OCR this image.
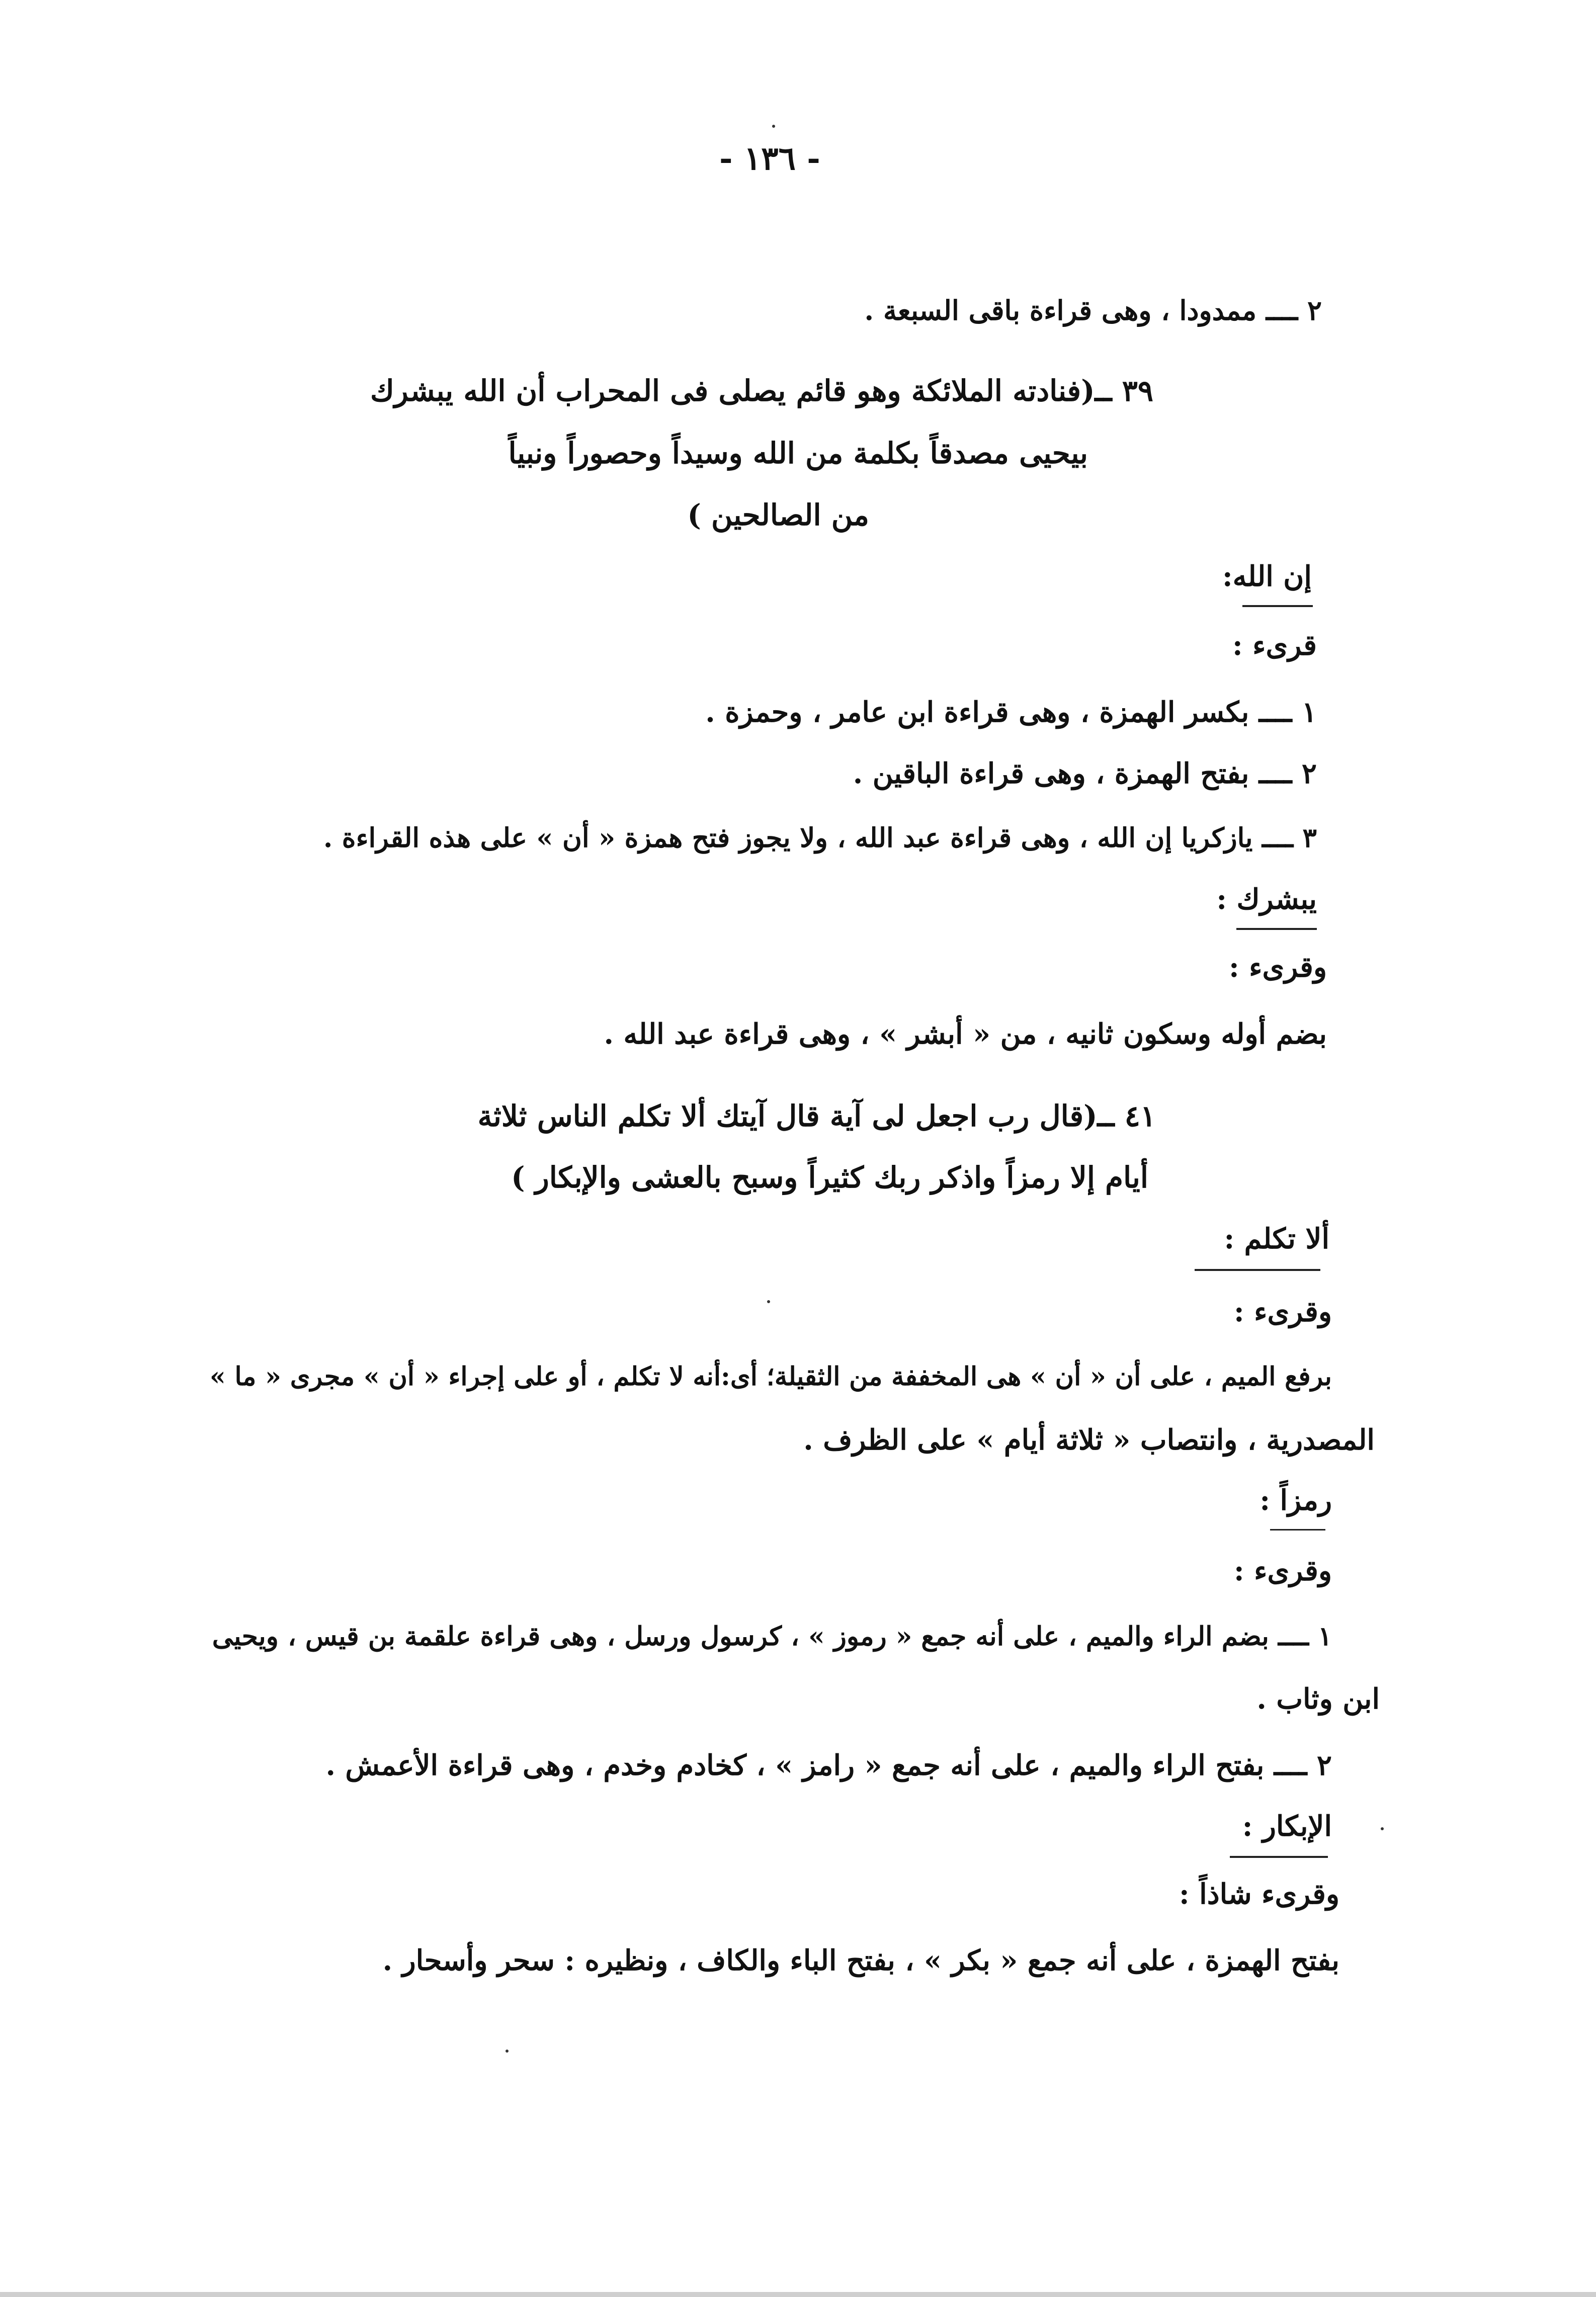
- ١٣٦ -
٢ ــــ ممدودا ، وهى قراءة باقى السبعة .
٣٩ ــ(فنادته الملائكة وهو قائم يصلى فى المحراب أن الله يبشرك
بيحيى مصدقاً بكلمة من الله وسيداً وحصوراً ونبياً
من الصالحين )
إن الله:
قرىء :
١ ــــ بكسر الهمزة ، وهى قراءة ابن عامر ، وحمزة .
٢ ــــ بفتح الهمزة ، وهى قراءة الباقين .
٣ ــــ يازكريا إن الله ، وهى قراءة عبد الله ، ولا يجوز فتح همزة « أن » على هذه القراءة .
يبشرك :
وقرىء :
بضم أوله وسكون ثانيه ، من « أبشر » ، وهى قراءة عبد الله .
٤١ ــ(قال رب اجعل لى آية قال آيتك ألا تكلم الناس ثلاثة
أيام إلا رمزاً واذكر ربك كثيراً وسبح بالعشى والإبكار )
ألا تكلم :
وقرىء :
برفع الميم ، على أن « أن » هى المخففة من الثقيلة؛ أى:أنه لا تكلم ، أو على إجراء « أن » مجرى « ما »
المصدرية ، وانتصاب « ثلاثة أيام » على الظرف .
رمزاً :
وقرىء :
١ ــــ بضم الراء والميم ، على أنه جمع « رموز » ، كرسول ورسل ، وهى قراءة علقمة بن قيس ، ويحيى
ابن وثاب .
٢ ــــ بفتح الراء والميم ، على أنه جمع « رامز » ، كخادم وخدم ، وهى قراءة الأعمش .
الإبكار :
وقرىء شاذاً :
بفتح الهمزة ، على أنه جمع « بكر » ، بفتح الباء والكاف ، ونظيره : سحر وأسحار .
